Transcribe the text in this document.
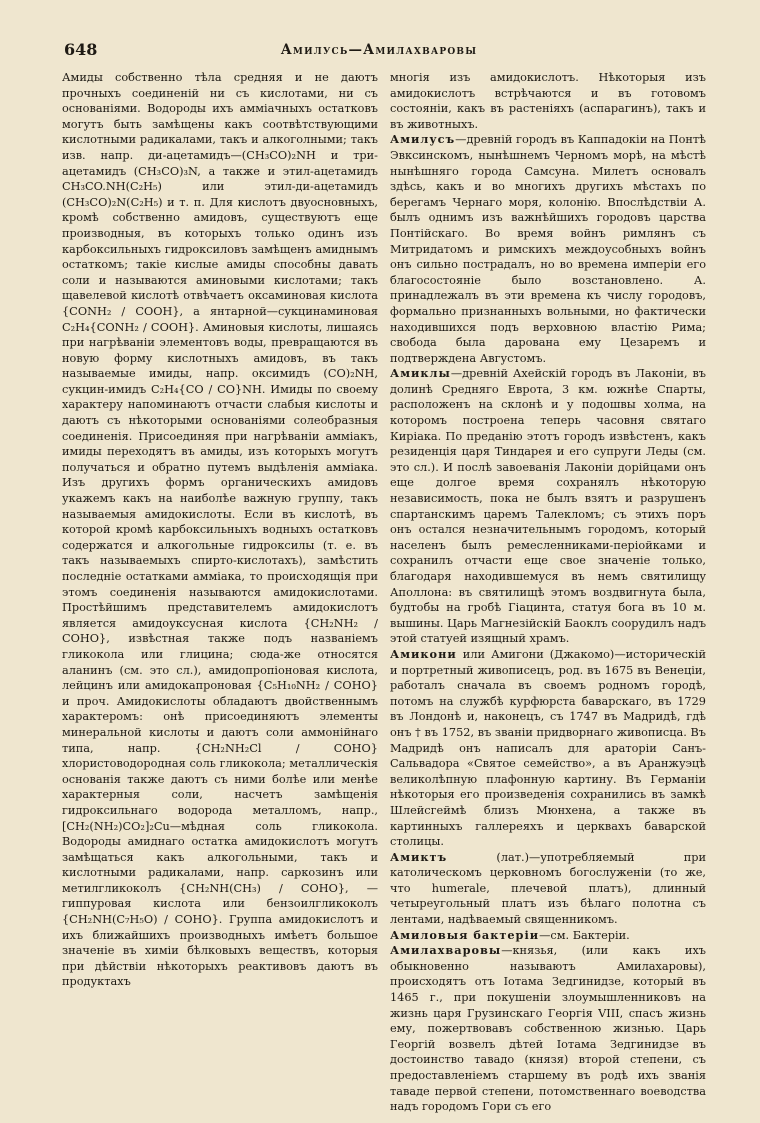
648	Амилусь—Амилахваровы

Амиды собственно тѣла средняя и не даютъ прочныхъ соединенiй ни съ кислотами, ни съ основанiями. Водороды ихъ аммiачныхъ остатковъ могутъ быть замѣщены какъ соотвѣтствующими кислотными радикалами, такъ и алкоголными; такъ изв. напр. ди-ацетамидъ—(CH₃CO)₂NH и три-ацетамидъ (CH₃CO)₃N, а также и этил-ацетамидъ CH₃CO.NH(C₂H₅) или этил-ди-ацетамидъ (CH₃CO)₂N(C₂H₅) и т. п. Для кислотъ двуосновныхъ, кромѣ собственно амидовъ, существуютъ еще производныя, въ которыхъ только одинъ изъ карбоксильныхъ гидроксиловъ замѣщенъ амиднымъ остаткомъ; такiе кислые амиды способны давать соли и называются аминовыми кислотами; такъ щавелевой кислотѣ отвѣчаетъ оксаминовая кислота {CONH₂ / COOH}, а янтарной—сукцинаминовая C₂H₄{CONH₂ / COOH}. Аминовыя кислоты, лишаясь при нагрѣванiи элементовъ воды, превращаются въ новую форму кислотныхъ амидовъ, въ такъ называемые имиды, напр. оксимидъ (CO)₂NH, сукцин-имидъ C₂H₄{CO / CO}NH. Имиды по своему характеру напоминаютъ отчасти слабыя кислоты и даютъ съ нѣкоторыми основанiями солеобразныя соединенiя. Присоединяя при нагрѣванiи аммiакъ, имиды переходятъ въ амиды, изъ которыхъ могутъ получаться и обратно путемъ выдѣленiя аммiака. Изъ другихъ формъ органическихъ амидовъ укажемъ какъ на наиболѣе важную группу, такъ называемыя амидокислоты. Если въ кислотѣ, въ которой кромѣ карбоксильныхъ водныхъ остатковъ содержатся и алкогольные гидроксилы (т. е. въ такъ называемыхъ спирто-кислотахъ), замѣстить последнiе остатками аммiака, то происходящiя при этомъ соединенiя называются амидокислотами. Простѣйшимъ представителемъ амидокислотъ является амидоуксусная кислота {CH₂NH₂ / COHO}, извѣстная также подъ названiемъ гликокола или глицина; сюда-же относятся аланинъ (см. это сл.), амидопропiоновая кислота, лейцинъ или амидокапроновая {C₅H₁₀NH₂ / COHO} и проч. Амидокислоты обладаютъ двойственнымъ характеромъ: онѣ присоединяютъ элементы минеральной кислоты и даютъ соли аммонiйнаго типа, напр. {CH₂NH₂Cl / COHO} хлористоводородная соль гликокола; металлическiя основанiя также даютъ съ ними болѣе или менѣе характерныя соли, насчетъ замѣщенiя гидроксильнаго водорода металломъ, напр., [CH₂(NH₂)CO₂]₂Cu—мѣдная соль гликокола. Водороды амиднаго остатка амидокислотъ могутъ замѣщаться какъ алкогольными, такъ и кислотными радикалами, напр. саркозинъ или метилгликоколъ {CH₂NH(CH₃) / COHO}, —гиппуровая кислота или бензоилгликоколъ {CH₂NH(C₇H₅O) / COHO}. Группа амидокислотъ и ихъ ближайшихъ производныхъ имѣетъ большое значенiе въ химiи бѣлковыхъ веществъ, которыя при дѣйствiи нѣкоторыхъ реактивовъ даютъ въ продуктахъ

многiя изъ амидокислотъ. Нѣкоторыя изъ амидокислотъ встрѣчаются и въ готовомъ состоянiи, какъ въ растенiяхъ (аспарагинъ), такъ и въ животныхъ.

Амилусъ—древнiй городъ въ Каппадокiи на Понтѣ Эвксинскомъ, нынѣшнемъ Черномъ морѣ, на мѣстѣ нынѣшняго города Самсуна. Милетъ основалъ здѣсь, какъ и во многихъ другихъ мѣстахъ по берегамъ Чернаго моря, колонiю. Впослѣдствiи А. былъ однимъ изъ важнѣйшихъ городовъ царства Понтiйскаго. Во время войнъ римлянъ съ Митридатомъ и римскихъ междоусобныхъ войнъ онъ сильно пострадалъ, но во времена имперiи его благосостоянiе было возстановлено. А. принадлежалъ въ эти времена къ числу городовъ, формально признанныхъ вольными, но фактически находившихся подъ верховною властiю Рима; свобода была дарована ему Цезаремъ и подтверждена Августомъ.

Амиклы—древнiй Ахейскiй городъ въ Лаконiи, въ долинѣ Средняго Еврота, 3 км. южнѣе Спарты, расположенъ на склонѣ и у подошвы холма, на которомъ построена теперь часовня святаго Кирiака. По преданiю этотъ городъ извѣстенъ, какъ резиденцiя царя Тиндарея и его супруги Леды (см. это сл.). И послѣ завоеванiя Лаконiи дорiйцами онъ еще долгое время сохранялъ нѣкоторую независимость, пока не былъ взятъ и разрушенъ спартанскимъ царемъ Талекломъ; съ этихъ поръ онъ остался незначительнымъ городомъ, который населенъ былъ ремесленниками-перiойками и сохранилъ отчасти еще свое значенiе только, благодаря находившемуся въ немъ святилищу Аполлона: въ святилищѣ этомъ воздвигнута была, будтобы на гробѣ Гiацинта, статуя бога въ 10 м. вышины. Царь Магнезiйскiй Баоклъ соорудилъ надъ этой статуей изящный храмъ.

Амикони или Амигони (Джакомо)—историческiй и портретный живописецъ, род. въ 1675 въ Венецiи, работалъ сначала въ своемъ родномъ городѣ, потомъ на службѣ курфюрста баварскаго, въ 1729 въ Лондонѣ и, наконецъ, съ 1747 въ Мадридѣ, гдѣ онъ † въ 1752, въ званiи придворнаго живописца. Въ Мадридѣ онъ написалъ для араторiи Санъ-Сальвадора «Святое семейство», а въ Аранжуэцѣ великолѣпную плафонную картину. Въ Германiи нѣкоторыя его произведенiя сохранились въ замкѣ Шлейсгеймѣ близъ Мюнхена, а также въ картинныхъ галлереяхъ и церквахъ баварской столицы.

Амиктъ (лат.)—употребляемый при католическомъ церковномъ богослуженiи (то же, что humerale, плечевой платъ), длинный четыреугольный платъ изъ бѣлаго полотна съ лентами, надѣваемый священникомъ.

Амиловыя бактерiи—см. Бактерiи.

Амилахваровы—князья, (или какъ ихъ обыкновенно называютъ Амилахаровы), происходятъ отъ Iотама Зедгинидзе, который въ 1465 г., при покушенiи злоумышленниковъ на жизнь царя Грузинскаго Георгiя VIII, спасъ жизнь ему, пожертвовавъ собственною жизнью. Царь Георгiй возвелъ дѣтей Iотама Зедгинидзе въ достоинство тавадо (князя) второй степени, съ предоставленiемъ старшему въ родѣ ихъ званiя тавадe первой степени, потомственнаго воеводства надъ городомъ Гори съ его
